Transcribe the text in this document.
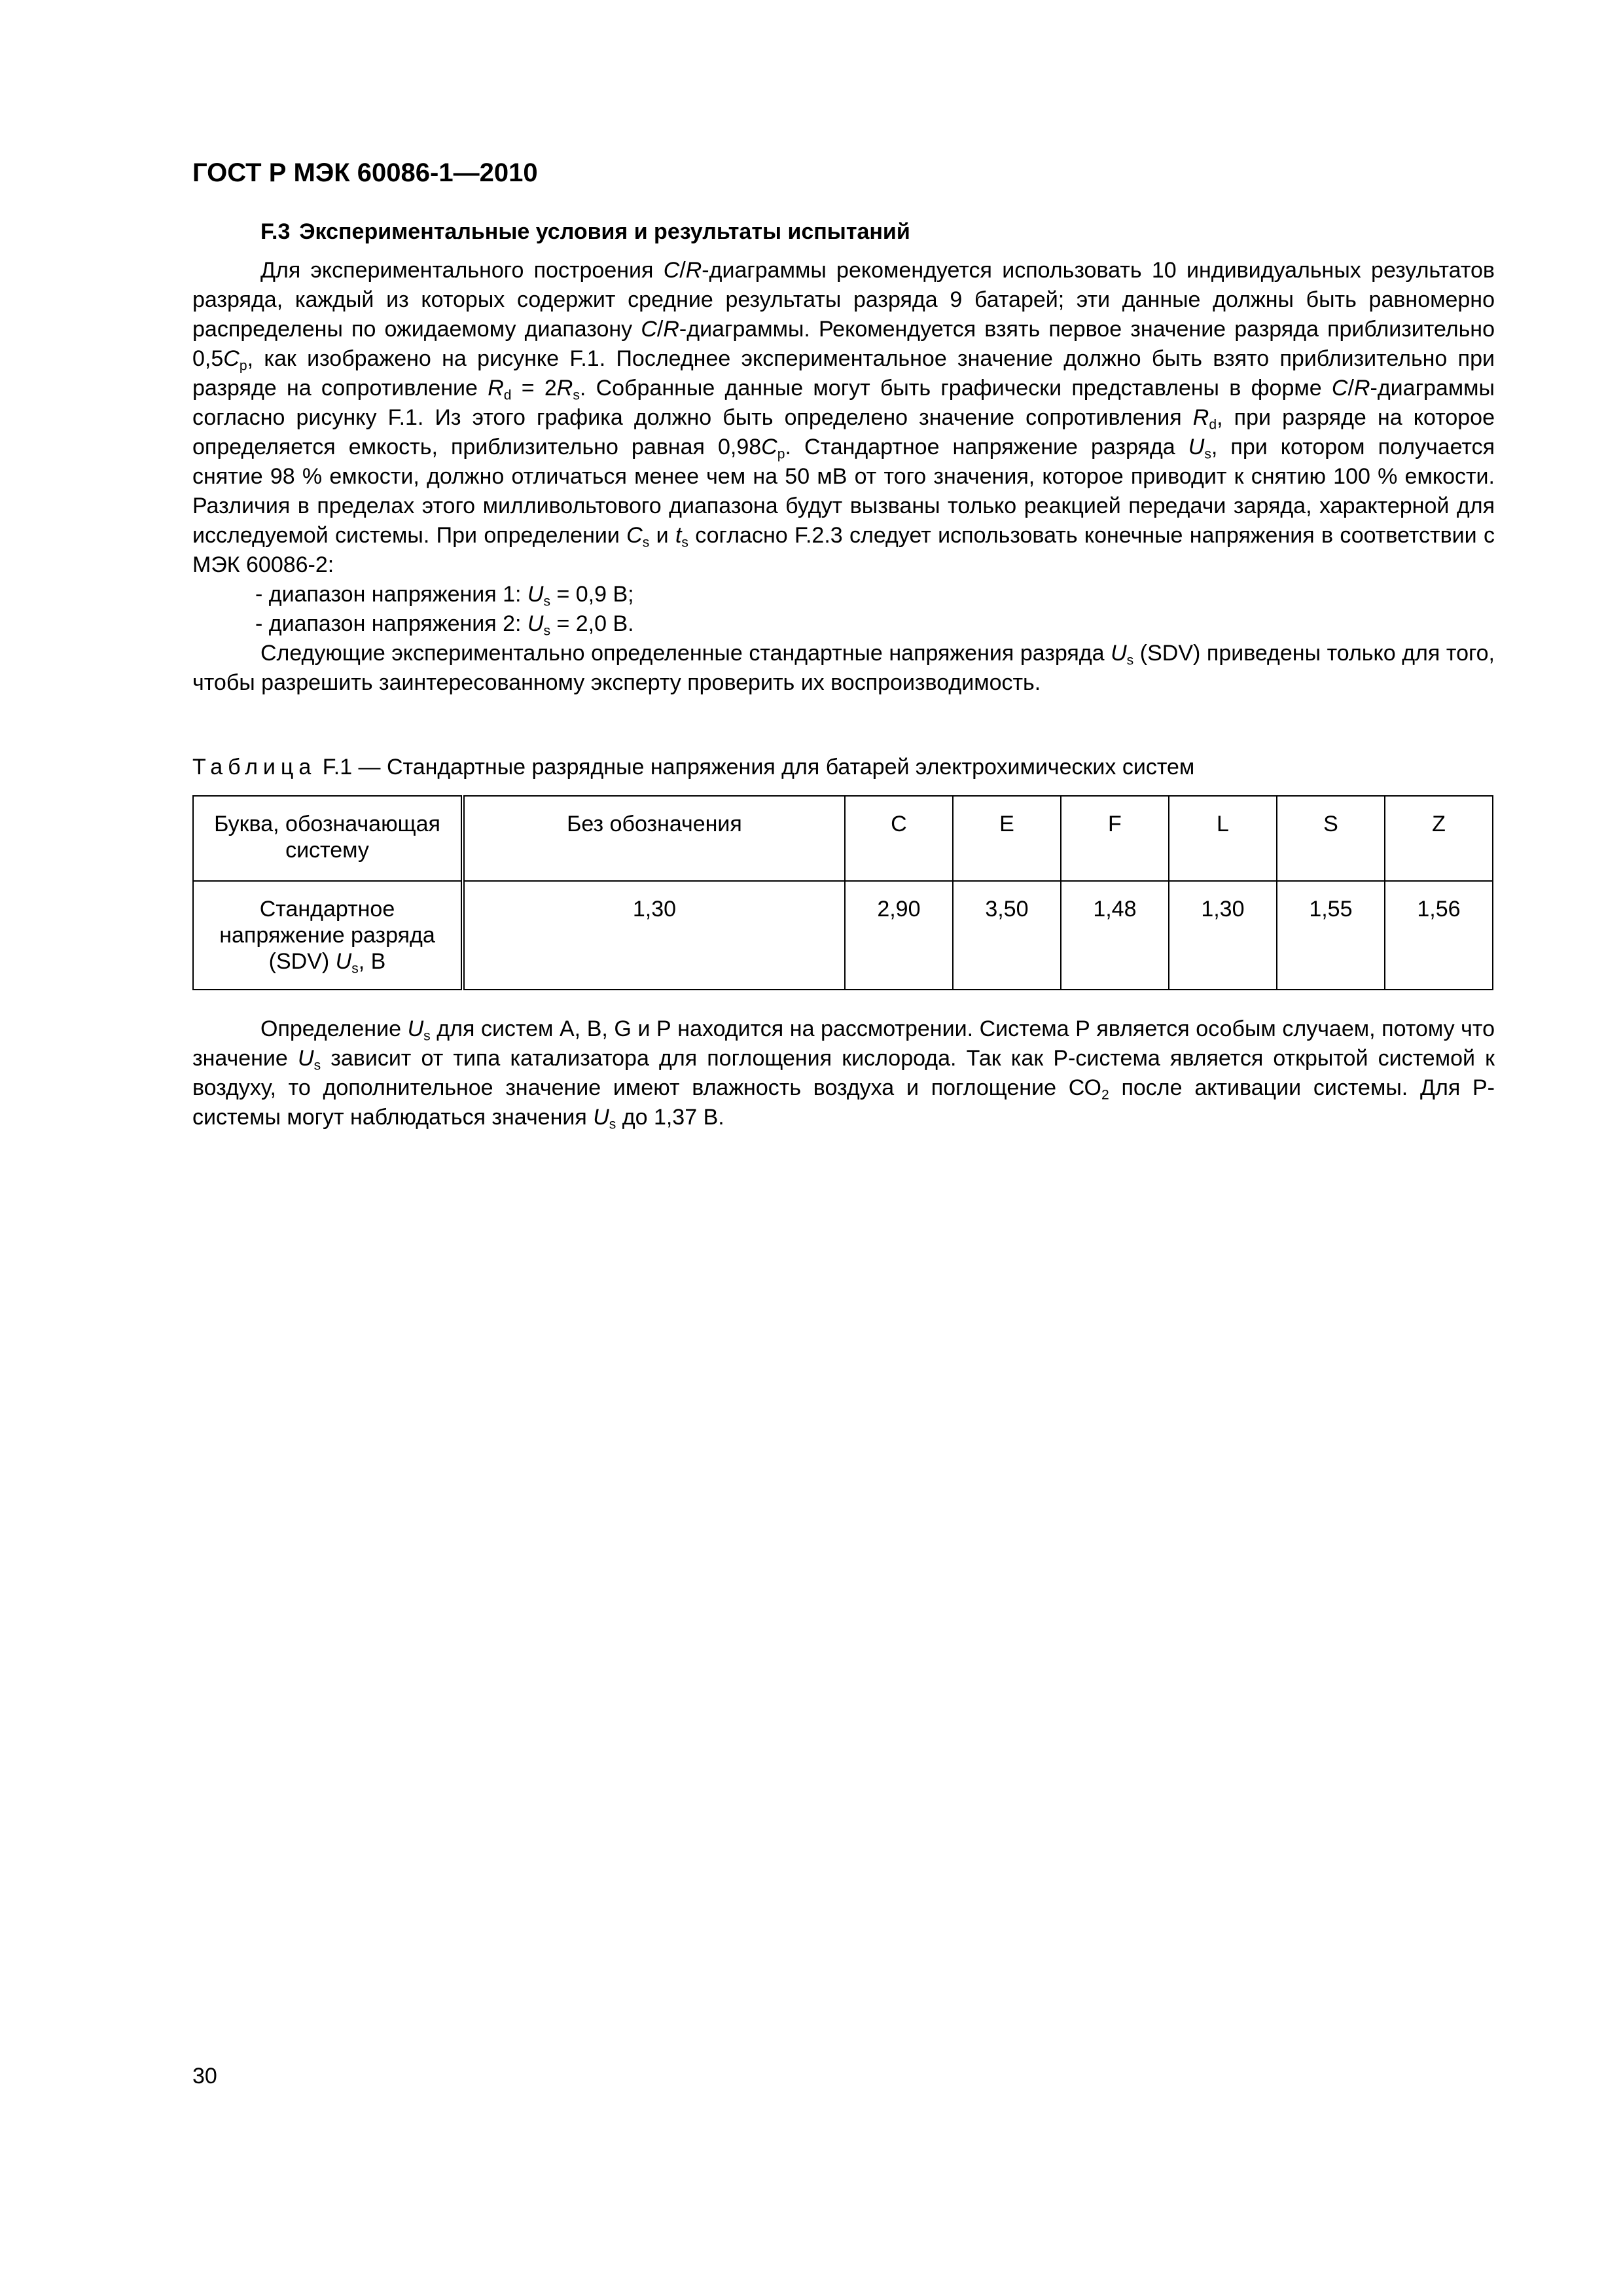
ГОСТ Р МЭК 60086-1—2010

F.3 Экспериментальные условия и результаты испытаний

Для экспериментального построения C/R-диаграммы рекомендуется использовать 10 индивидуальных результатов разряда, каждый из которых содержит средние результаты разряда 9 батарей; эти данные должны быть равномерно распределены по ожидаемому диапазону C/R-диаграммы. Рекомендуется взять первое значение разряда приблизительно $0,5C_p$, как изображено на рисунке F.1. Последнее экспериментальное значение должно быть взято приблизительно при разряде на сопротивление $R_d = 2R_s$. Собранные данные могут быть графически представлены в форме C/R-диаграммы согласно рисунку F.1. Из этого графика должно быть определено значение сопротивления $R_d$, при разряде на которое определяется емкость, приблизительно равная $0,98C_p$. Стандартное напряжение разряда $U_s$, при котором получается снятие 98 % емкости, должно отличаться менее чем на 50 мВ от того значения, которое приводит к снятию 100 % емкости. Различия в пределах этого милливольтового диапазона будут вызваны только реакцией передачи заряда, характерной для исследуемой системы. При определении $C_s$ и $t_s$ согласно F.2.3 следует использовать конечные напряжения в соответствии с МЭК 60086-2:

- диапазон напряжения 1: $U_s = 0,9$ В;

- диапазон напряжения 2: $U_s = 2,0$ В.

Следующие экспериментально определенные стандартные напряжения разряда $U_s$ (SDV) приведены только для того, чтобы разрешить заинтересованному эксперту проверить их воспроизводимость.

Таблица F.1 — Стандартные разрядные напряжения для батарей электрохимических систем

Буква, обозначающая систему	Без обозначения	C	E	F	L	S	Z
Стандартное напряжение разряда (SDV) $U_s$, В	1,30	2,90	3,50	1,48	1,30	1,55	1,56

Определение $U_s$ для систем А, В, G и Р находится на рассмотрении. Система Р является особым случаем, потому что значение $U_s$ зависит от типа катализатора для поглощения кислорода. Так как Р-система является открытой системой к воздуху, то дополнительное значение имеют влажность воздуха и поглощение $СО_2$ после активации системы. Для Р-системы могут наблюдаться значения $U_s$ до 1,37 В.

30
